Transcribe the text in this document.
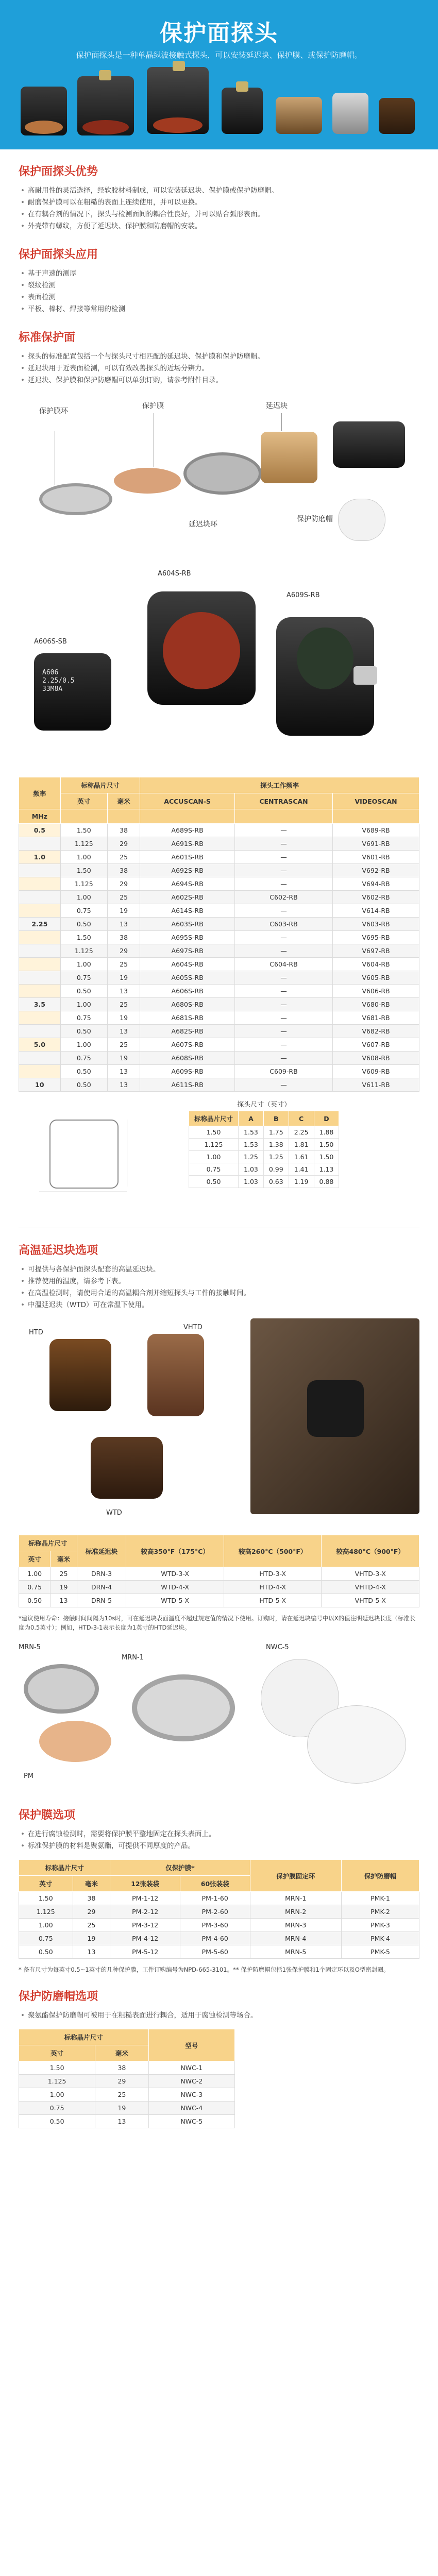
保护面探头
保护面探头是一种单晶纵波接触式探头，可以安装延迟块、保护膜、或保护防磨帽。
保护面探头优势
• 高耐用性的灵活选择，经软胶材料制成，可以安装延迟块、保护膜或保护防磨帽。
• 耐磨保护膜可以在粗糙的表面上连续使用，并可以更换。
• 在有耦合剂的情况下，探头与检测面间的耦合性良好，并可以贴合弧形表面。
• 外壳带有螺纹，方便了延迟块、保护膜和防磨帽的安装。
保护面探头应用
• 基于声速的测厚
• 裂纹检测
• 表面检测
• 平板、棒材、焊接等常用的检测
标准保护面
• 探头的标准配置包括一个与探头尺寸相匹配的延迟块、保护膜和保护防磨帽。
• 延迟块用于近表面检测，可以有效改善探头的近场分辨力。
• 延迟块、保护膜和保护防磨帽可以单独订购，请参考附件目录。
保护膜环
保护膜
延迟块环
延迟块
保护防磨帽
A604S-RB
A609S-RB
A606S-SB
A606
2.25/0.5
33M8A
频率	标称晶片尺寸		探头工作频率		
	英寸	毫米	ACCUSCAN-S	CENTRASCAN	VIDEOSCAN
MHz					
0.5	1.50	38	A689S-RB	—	V689-RB
	1.125	29	A691S-RB	—	V691-RB
1.0	1.00	25	A601S-RB	—	V601-RB
	1.50	38	A692S-RB	—	V692-RB
	1.125	29	A694S-RB	—	V694-RB
	1.00	25	A602S-RB	C602-RB	V602-RB
	0.75	19	A614S-RB	—	V614-RB
2.25	0.50	13	A603S-RB	C603-RB	V603-RB
	1.50	38	A695S-RB	—	V695-RB
	1.125	29	A697S-RB	—	V697-RB
	1.00	25	A604S-RB	C604-RB	V604-RB
	0.75	19	A605S-RB	—	V605-RB
	0.50	13	A606S-RB	—	V606-RB
3.5	1.00	25	A680S-RB	—	V680-RB
	0.75	19	A681S-RB	—	V681-RB
	0.50	13	A682S-RB	—	V682-RB
5.0	1.00	25	A607S-RB	—	V607-RB
	0.75	19	A608S-RB	—	V608-RB
	0.50	13	A609S-RB	C609-RB	V609-RB
10	0.50	13	A611S-RB	—	V611-RB
探头尺寸（英寸）
标称晶片尺寸	A	B	C	D
1.50	1.53	1.75	2.25	1.88
1.125	1.53	1.38	1.81	1.50
1.00	1.25	1.25	1.61	1.50
0.75	1.03	0.99	1.41	1.13
0.50	1.03	0.63	1.19	0.88
高温延迟块选项
• 可提供与各保护面探头配套的高温延迟块。
• 推荐使用的温度，请参考下表。
• 在高温检测时，请使用合适的高温耦合剂并缩短探头与工件的接触时间。
• 中温延迟块（WTD）可在常温下使用。
HTD
VHTD
WTD
标称晶片尺寸		标准延迟块	较高350°F（175°C）	较高260°C（500°F）	较高480°C（900°F）
英寸	毫米				
1.00	25	DRN-3	WTD-3-X	HTD-3-X	VHTD-3-X
0.75	19	DRN-4	WTD-4-X	HTD-4-X	VHTD-4-X
0.50	13	DRN-5	WTD-5-X	HTD-5-X	VHTD-5-X
*建议使用寿命：接触时间间隔为10s时，可在延迟块表面温度不超过规定值的情况下使用。订购时，请在延迟块编号中以X的值注明延迟块长度（标准长度为0.5英寸）；例如，HTD-3-1表示长度为1英寸的HTD延迟块。
MRN-5
PM
MRN-1
NWC-5
保护膜选项
• 在进行腐蚀检测时，需要将保护膜平整地固定在探头表面上。
• 标准保护膜的材料是聚氨酯，可提供不同厚度的产品。
标称晶片尺寸		仅保护膜*		保护膜固定环	保护防磨帽
英寸	毫米	12张装袋	60张装袋		
1.50	38	PM-1-12	PM-1-60	MRN-1	PMK-1
1.125	29	PM-2-12	PM-2-60	MRN-2	PMK-2
1.00	25	PM-3-12	PM-3-60	MRN-3	PMK-3
0.75	19	PM-4-12	PM-4-60	MRN-4	PMK-4
0.50	13	PM-5-12	PM-5-60	MRN-5	PMK-5
* 备有尺寸为每英寸0.5~1英寸的几种保护膜，工件订购编号为NPD-665-3101。** 保护防磨帽包括1张保护膜和1个固定环以及O型密封圈。
保护防磨帽选项
• 聚氨酯保护防磨帽可被用于在粗糙表面进行耦合，适用于腐蚀检测等场合。
标称晶片尺寸		型号
英寸	毫米	
1.50	38	NWC-1
1.125	29	NWC-2
1.00	25	NWC-3
0.75	19	NWC-4
0.50	13	NWC-5
